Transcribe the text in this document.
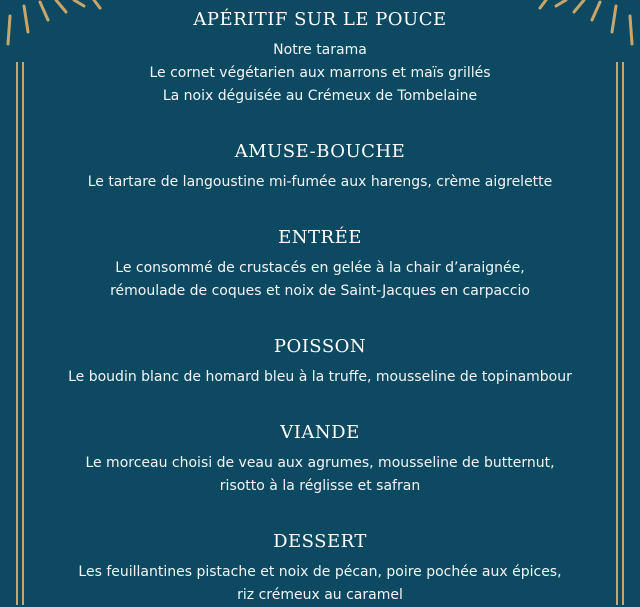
APÉRITIF SUR LE POUCE
Notre tarama
Le cornet végétarien aux marrons et maïs grillés
La noix déguisée au Crémeux de Tombelaine
AMUSE-BOUCHE
Le tartare de langoustine mi-fumée aux harengs, crème aigrelette
ENTRÉE
Le consommé de crustacés en gelée à la chair d’araignée,
rémoulade de coques et noix de Saint-Jacques en carpaccio
POISSON
Le boudin blanc de homard bleu à la truffe, mousseline de topinambour
VIANDE
Le morceau choisi de veau aux agrumes, mousseline de butternut,
risotto à la réglisse et safran
DESSERT
Les feuillantines pistache et noix de pécan, poire pochée aux épices,
riz crémeux au caramel
